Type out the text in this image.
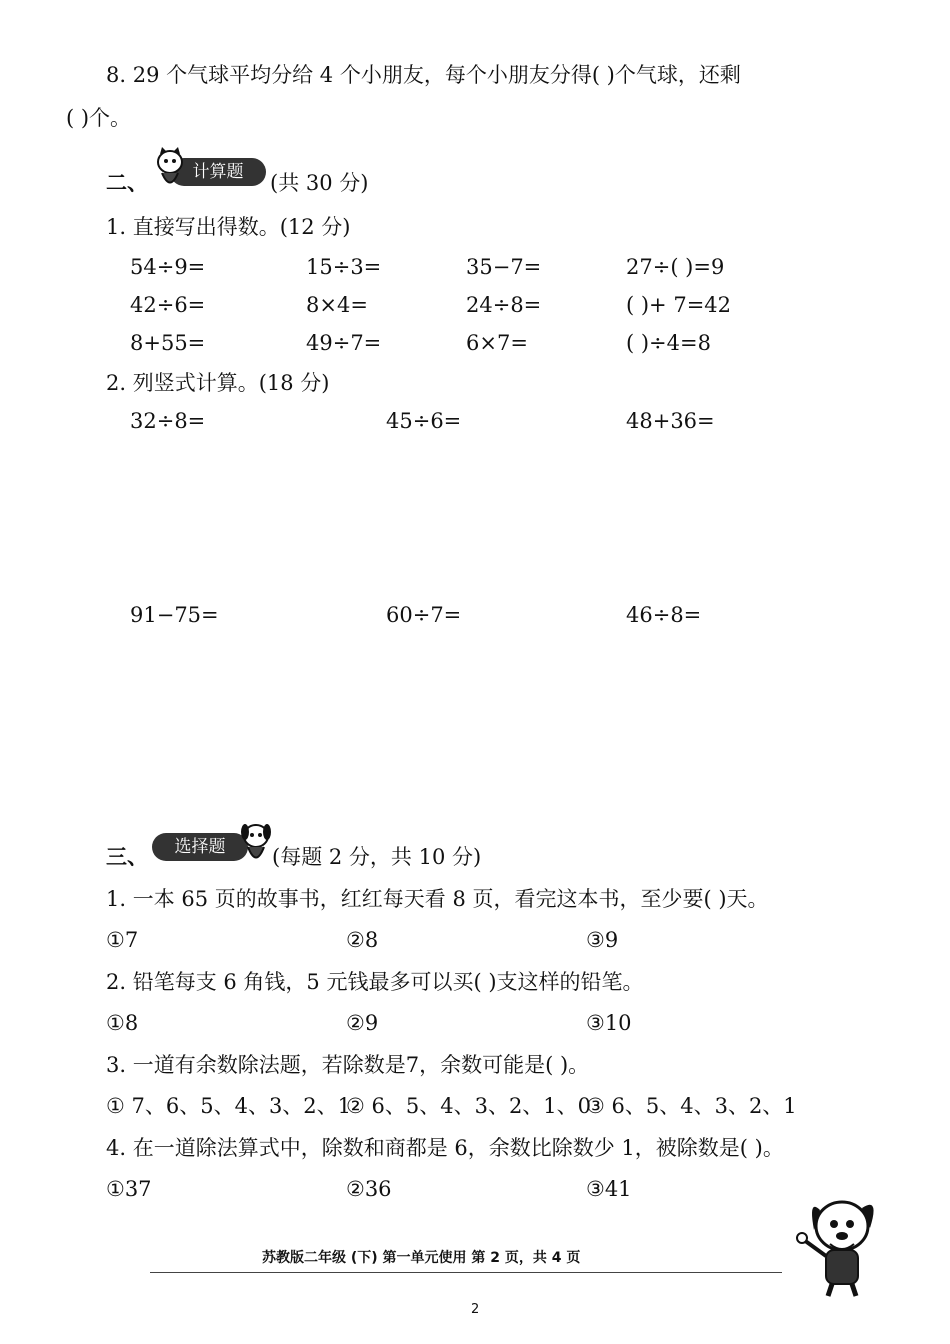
8. 29 个气球平均分给 4 个小朋友，每个小朋友分得( )个气球，还剩
( )个。
二、	计算题	(共 30 分)
1. 直接写出得数。(12 分)
54÷9=	15÷3=	35−7=	27÷( )=9
42÷6=	8×4=	24÷8=	( )+ 7=42
8+55=	49÷7=	6×7=	( )÷4=8
2. 列竖式计算。(18 分)
32÷8=	45÷6=	48+36=
91−75=	60÷7=	46÷8=
三、	选择题	(每题 2 分，共 10 分)
1. 一本 65 页的故事书，红红每天看 8 页，看完这本书，至少要( )天。
①7	②8	③9
2. 铅笔每支 6 角钱，5 元钱最多可以买( )支这样的铅笔。
①8	②9	③10
3. 一道有余数除法题，若除数是7，余数可能是( )。
① 7、6、5、4、3、2、1
② 6、5、4、3、2、1、0
③ 6、5、4、3、2、1
4. 在一道除法算式中，除数和商都是 6，余数比除数少 1，被除数是( )。
①37	②36	③41
苏教版二年级 (下) 第一单元使用 第 2 页，共 4 页
2
